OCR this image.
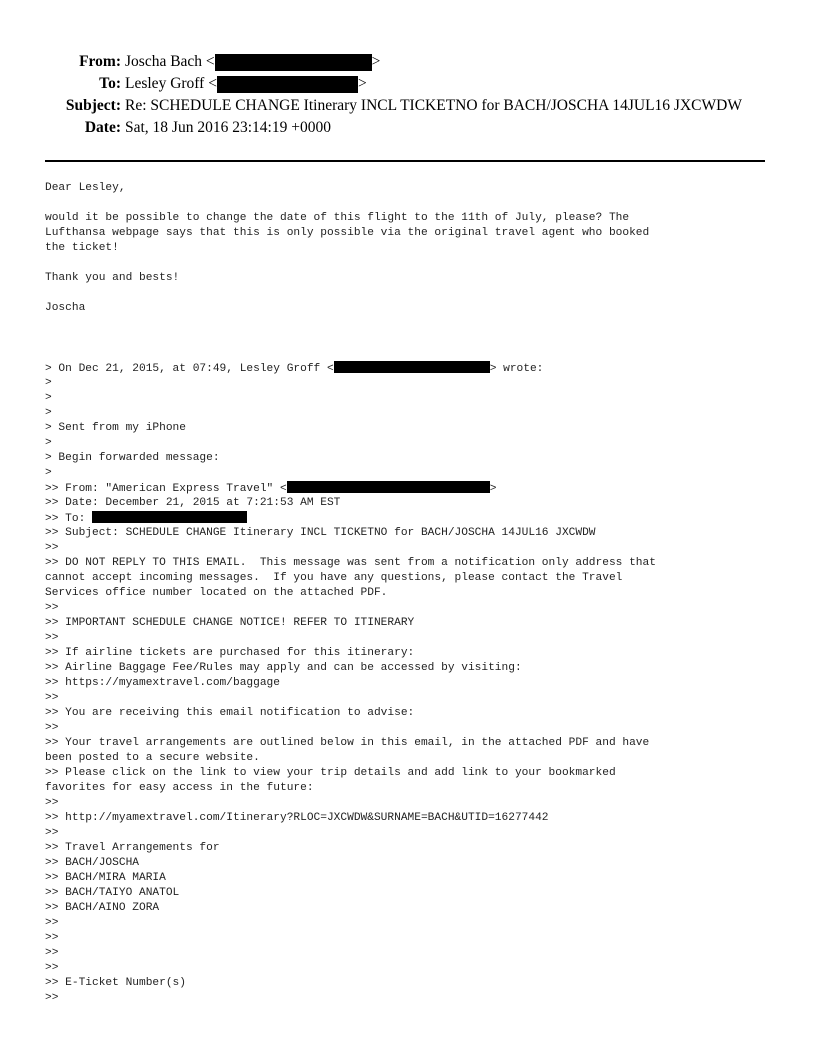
From: Joscha Bach <	>
To: Lesley Groff <	>
Subject: Re: SCHEDULE CHANGE Itinerary INCL TICKETNO for BACH/JOSCHA 14JUL16 JXCWDW
Date: Sat, 18 Jun 2016 23:14:19 +0000
Dear Lesley,
would it be possible to change the date of this flight to the 11th of July, please? The
Lufthansa webpage says that this is only possible via the original travel agent who booked
the ticket!
Thank you and bests!
Joscha
> On Dec 21, 2015, at 07:49, Lesley Groff <	> wrote:
>
>
>
> Sent from my iPhone
>
> Begin forwarded message:
>
>> From: "American Express Travel" <	>
>> Date: December 21, 2015 at 7:21:53 AM EST
>> To:
>> Subject: SCHEDULE CHANGE Itinerary INCL TICKETNO for BACH/JOSCHA 14JUL16 JXCWDW
>>
>> DO NOT REPLY TO THIS EMAIL.  This message was sent from a notification only address that
cannot accept incoming messages.  If you have any questions, please contact the Travel
Services office number located on the attached PDF.
>>
>> IMPORTANT SCHEDULE CHANGE NOTICE! REFER TO ITINERARY
>>
>> If airline tickets are purchased for this itinerary:
>> Airline Baggage Fee/Rules may apply and can be accessed by visiting:
>> https://myamextravel.com/baggage
>>
>> You are receiving this email notification to advise:
>>
>> Your travel arrangements are outlined below in this email, in the attached PDF and have
been posted to a secure website.
>> Please click on the link to view your trip details and add link to your bookmarked
favorites for easy access in the future:
>>
>> http://myamextravel.com/Itinerary?RLOC=JXCWDW&SURNAME=BACH&UTID=16277442
>>
>> Travel Arrangements for
>> BACH/JOSCHA
>> BACH/MIRA MARIA
>> BACH/TAIYO ANATOL
>> BACH/AINO ZORA
>>
>>
>>
>>
>> E-Ticket Number(s)
>>
